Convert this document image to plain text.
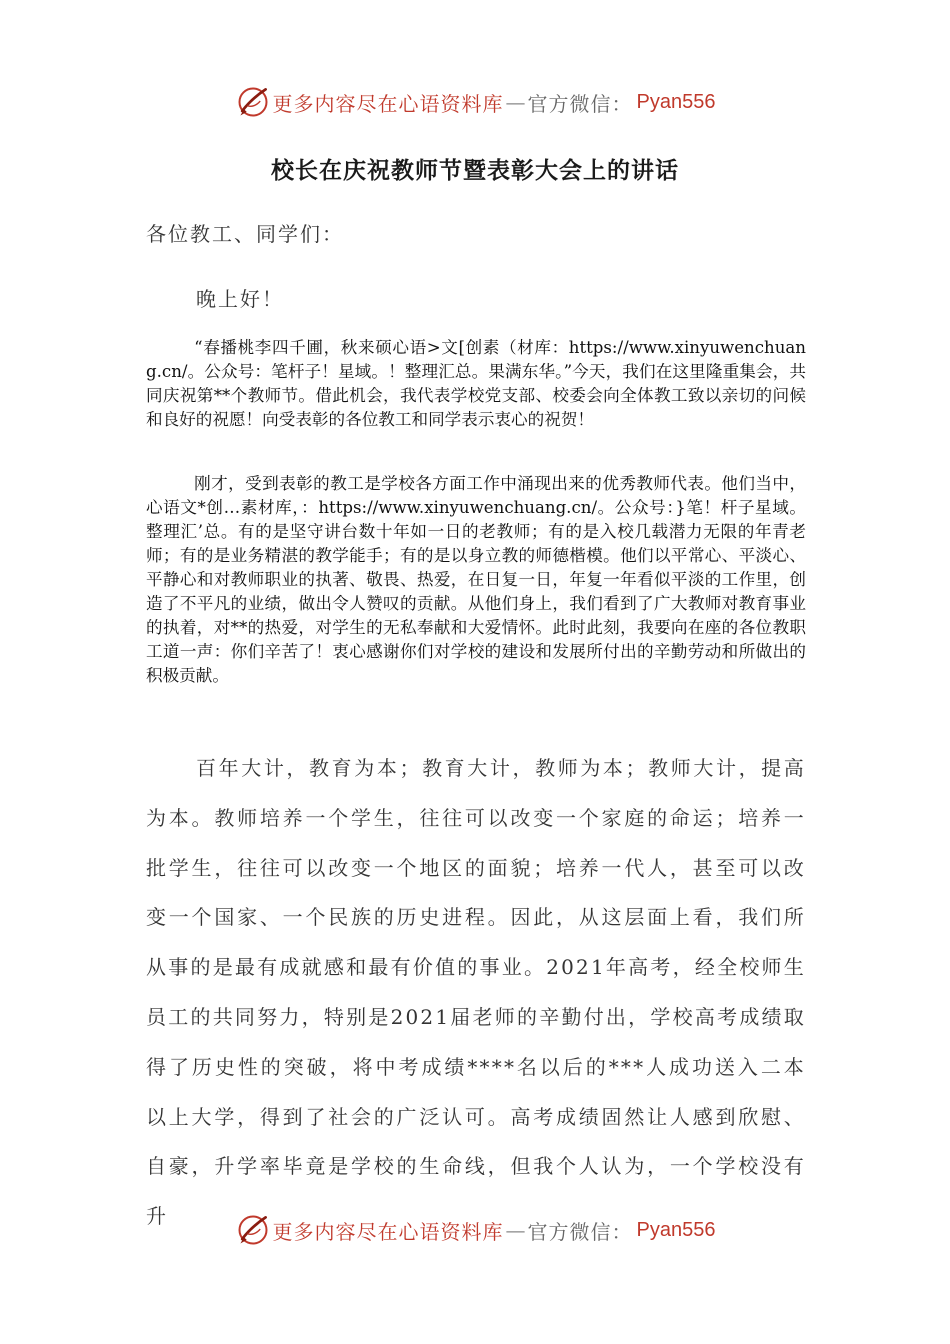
更多内容尽在心语资料库 — 官方微信： Pyan556
校长在庆祝教师节暨表彰大会上的讲话

各位教工、同学们：

晚上好！

“春播桃李四千圃，秋来硕心语>文[创素（材库：https://www.xinyuwenchuang.cn/。公众号：笔杆子！星域。！整理汇总。果满东华。”今天，我们在这里隆重集会，共同庆祝第**个教师节。借此机会，我代表学校党支部、校委会向全体教工致以亲切的问候和良好的祝愿！向受表彰的各位教工和同学表示衷心的祝贺！

刚才，受到表彰的教工是学校各方面工作中涌现出来的优秀教师代表。他们当中，心语文*创…素材库，：https://www.xinyuwenchuang.cn/。公众号：}笔！杆子星域。整理汇’总。有的是坚守讲台数十年如一日的老教师；有的是入校几载潜力无限的年青老师；有的是业务精湛的教学能手；有的是以身立教的师德楷模。他们以平常心、平淡心、平静心和对教师职业的执著、敬畏、热爱，在日复一日，年复一年看似平淡的工作里，创造了不平凡的业绩，做出令人赞叹的贡献。从他们身上，我们看到了广大教师对教育事业的执着，对**的热爱，对学生的无私奉献和大爱情怀。此时此刻，我要向在座的各位教职工道一声：你们辛苦了！衷心感谢你们对学校的建设和发展所付出的辛勤劳动和所做出的积极贡献。

百年大计，教育为本；教育大计，教师为本；教师大计，提高为本。教师培养一个学生，往往可以改变一个家庭的命运；培养一批学生，往往可以改变一个地区的面貌；培养一代人，甚至可以改变一个国家、一个民族的历史进程。因此，从这层面上看，我们所从事的是最有成就感和最有价值的事业。2021年高考，经全校师生员工的共同努力，特别是2021届老师的辛勤付出，学校高考成绩取得了历史性的突破，将中考成绩****名以后的***人成功送入二本以上大学，得到了社会的广泛认可。高考成绩固然让人感到欣慰、自豪，升学率毕竟是学校的生命线，但我个人认为，一个学校没有升

更多内容尽在心语资料库 — 官方微信： Pyan556
